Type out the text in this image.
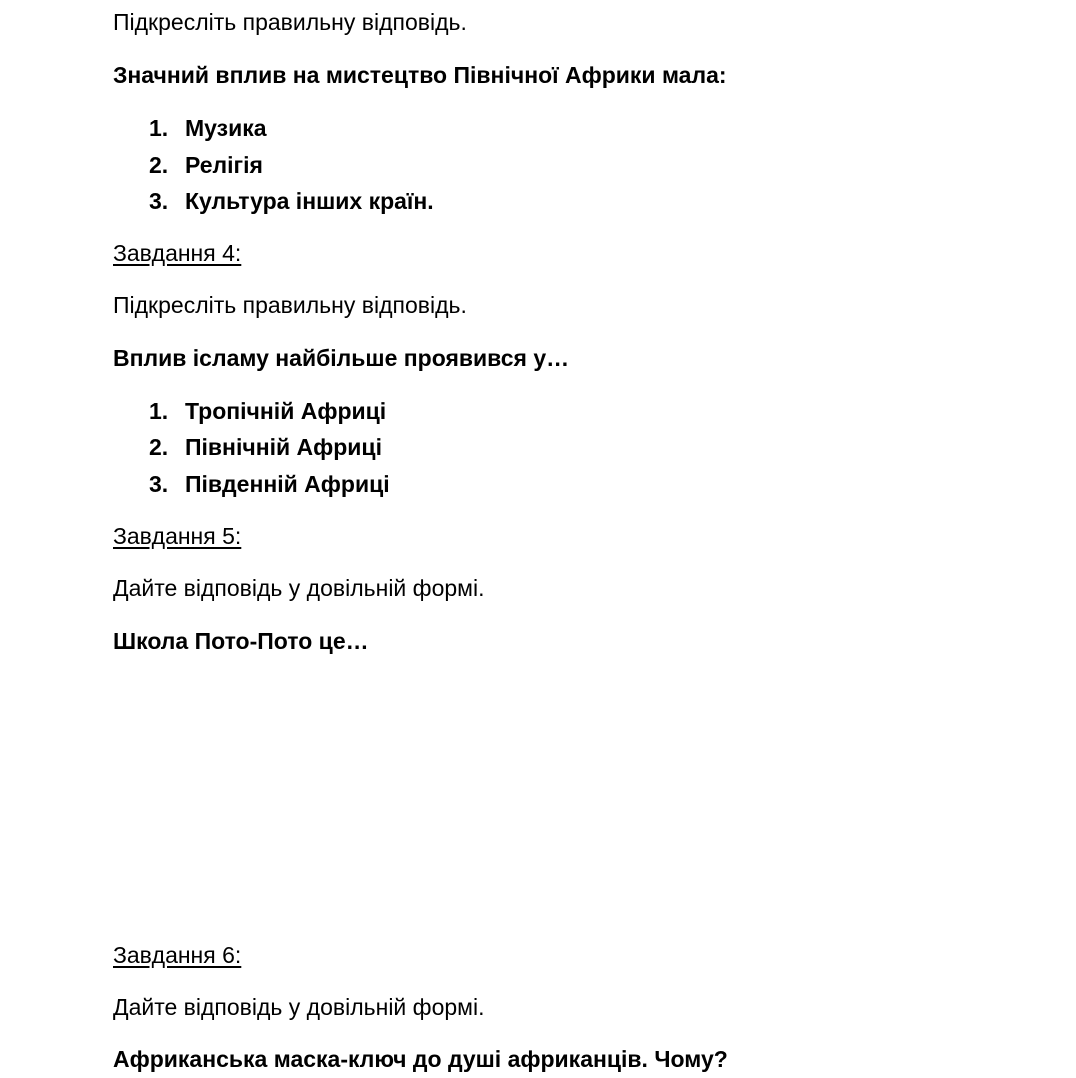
Підкресліть правильну відповідь.

Значний вплив на мистецтво Північної Африки мала:

1. Музика

2. Релігія

3. Культура інших країн.

Завдання 4:

Підкресліть правильну відповідь.

Вплив ісламу найбільше проявився у…

1. Тропічній Африці

2. Північній Африці

3. Південній Африці

Завдання 5:

Дайте відповідь у довільній формі.

Школа Пото-Пото це…

Завдання 6:

Дайте відповідь у довільній формі.

Африканська маска-ключ до душі африканців. Чому?
